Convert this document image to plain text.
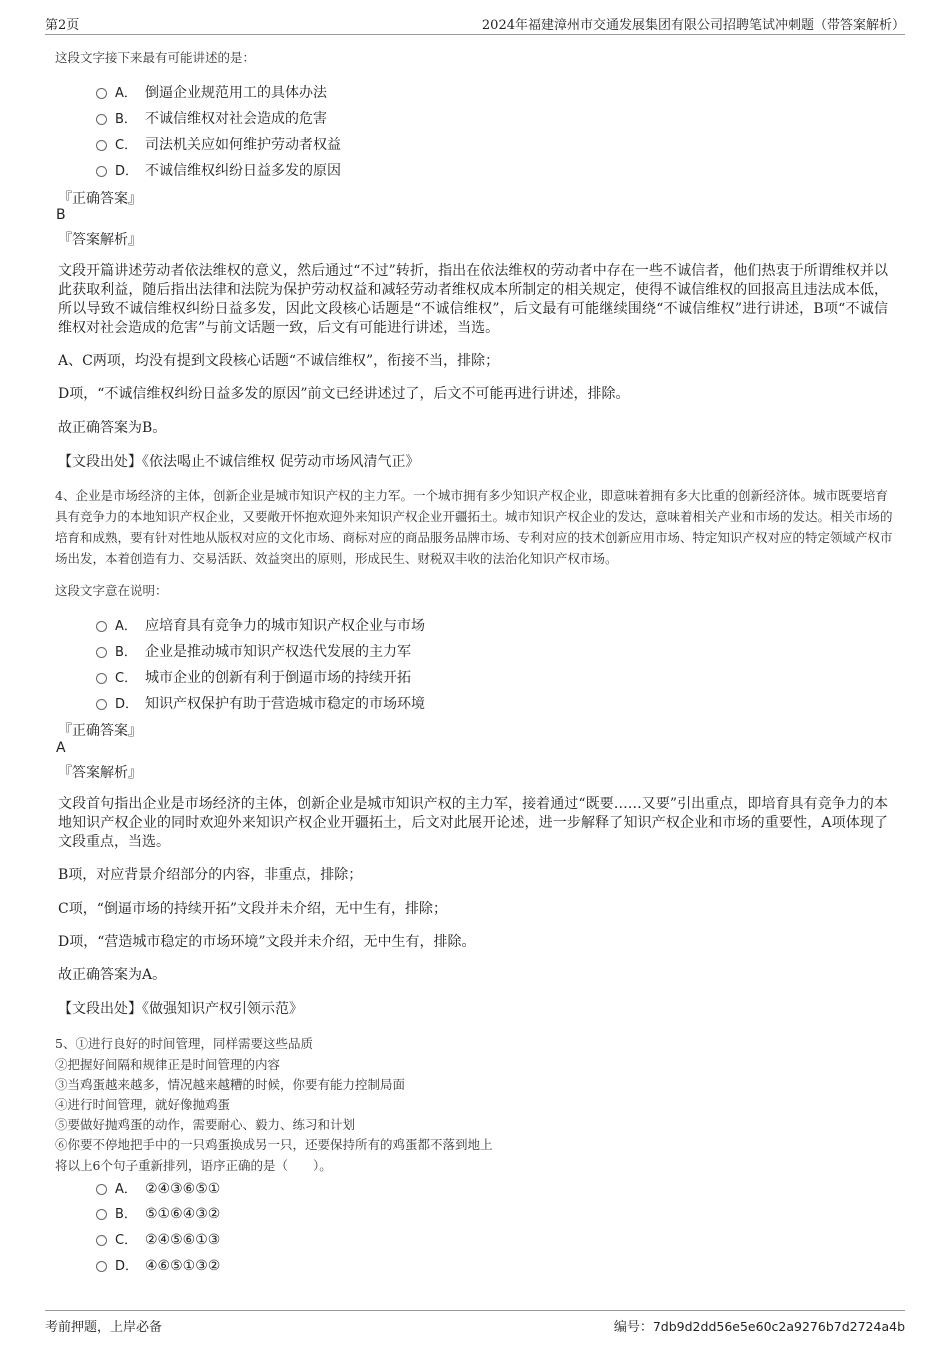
第2页	2024年福建漳州市交通发展集团有限公司招聘笔试冲刺题（带答案解析）
这段文字接下来最有可能讲述的是：
A． 倒逼企业规范用工的具体办法
B． 不诚信维权对社会造成的危害
C． 司法机关应如何维护劳动者权益
D． 不诚信维权纠纷日益多发的原因
『正确答案』
B
『答案解析』
文段开篇讲述劳动者依法维权的意义，然后通过“不过”转折，指出在依法维权的劳动者中存在一些不诚信者，他们热衷于所谓维权并以此获取利益，随后指出法律和法院为保护劳动权益和减轻劳动者维权成本所制定的相关规定，使得不诚信维权的回报高且违法成本低，所以导致不诚信维权纠纷日益多发，因此文段核心话题是“不诚信维权”，后文最有可能继续围绕“不诚信维权”进行讲述，B项“不诚信维权对社会造成的危害”与前文话题一致，后文有可能进行讲述，当选。
A、C两项，均没有提到文段核心话题“不诚信维权”，衔接不当，排除；
D项，“不诚信维权纠纷日益多发的原因”前文已经讲述过了，后文不可能再进行讲述，排除。
故正确答案为B。
【文段出处】《依法喝止不诚信维权 促劳动市场风清气正》
4、企业是市场经济的主体，创新企业是城市知识产权的主力军。一个城市拥有多少知识产权企业，即意味着拥有多大比重的创新经济体。城市既要培育具有竞争力的本地知识产权企业，又要敞开怀抱欢迎外来知识产权企业开疆拓土。城市知识产权企业的发达，意味着相关产业和市场的发达。相关市场的培育和成熟，要有针对性地从版权对应的文化市场、商标对应的商品服务品牌市场、专利对应的技术创新应用市场、特定知识产权对应的特定领域产权市场出发，本着创造有力、交易活跃、效益突出的原则，形成民生、财税双丰收的法治化知识产权市场。
这段文字意在说明：
A． 应培育具有竞争力的城市知识产权企业与市场
B． 企业是推动城市知识产权迭代发展的主力军
C． 城市企业的创新有利于倒逼市场的持续开拓
D． 知识产权保护有助于营造城市稳定的市场环境
『正确答案』
A
『答案解析』
文段首句指出企业是市场经济的主体，创新企业是城市知识产权的主力军，接着通过“既要……又要”引出重点，即培育具有竞争力的本地知识产权企业的同时欢迎外来知识产权企业开疆拓土，后文对此展开论述，进一步解释了知识产权企业和市场的重要性，A项体现了文段重点，当选。
B项，对应背景介绍部分的内容，非重点，排除；
C项，“倒逼市场的持续开拓”文段并未介绍，无中生有，排除；
D项，“营造城市稳定的市场环境”文段并未介绍，无中生有，排除。
故正确答案为A。
【文段出处】《做强知识产权引领示范》
5、①进行良好的时间管理，同样需要这些品质
②把握好间隔和规律正是时间管理的内容
③当鸡蛋越来越多，情况越来越糟的时候，你要有能力控制局面
④进行时间管理，就好像抛鸡蛋
⑤要做好抛鸡蛋的动作，需要耐心、毅力、练习和计划
⑥你要不停地把手中的一只鸡蛋换成另一只，还要保持所有的鸡蛋都不落到地上
将以上6个句子重新排列，语序正确的是（　　）。
A． ②④③⑥⑤①
B． ⑤①⑥④③②
C． ②④⑤⑥①③
D． ④⑥⑤①③②
考前押题，上岸必备	编号：7db9d2dd56e5e60c2a9276b7d2724a4b
